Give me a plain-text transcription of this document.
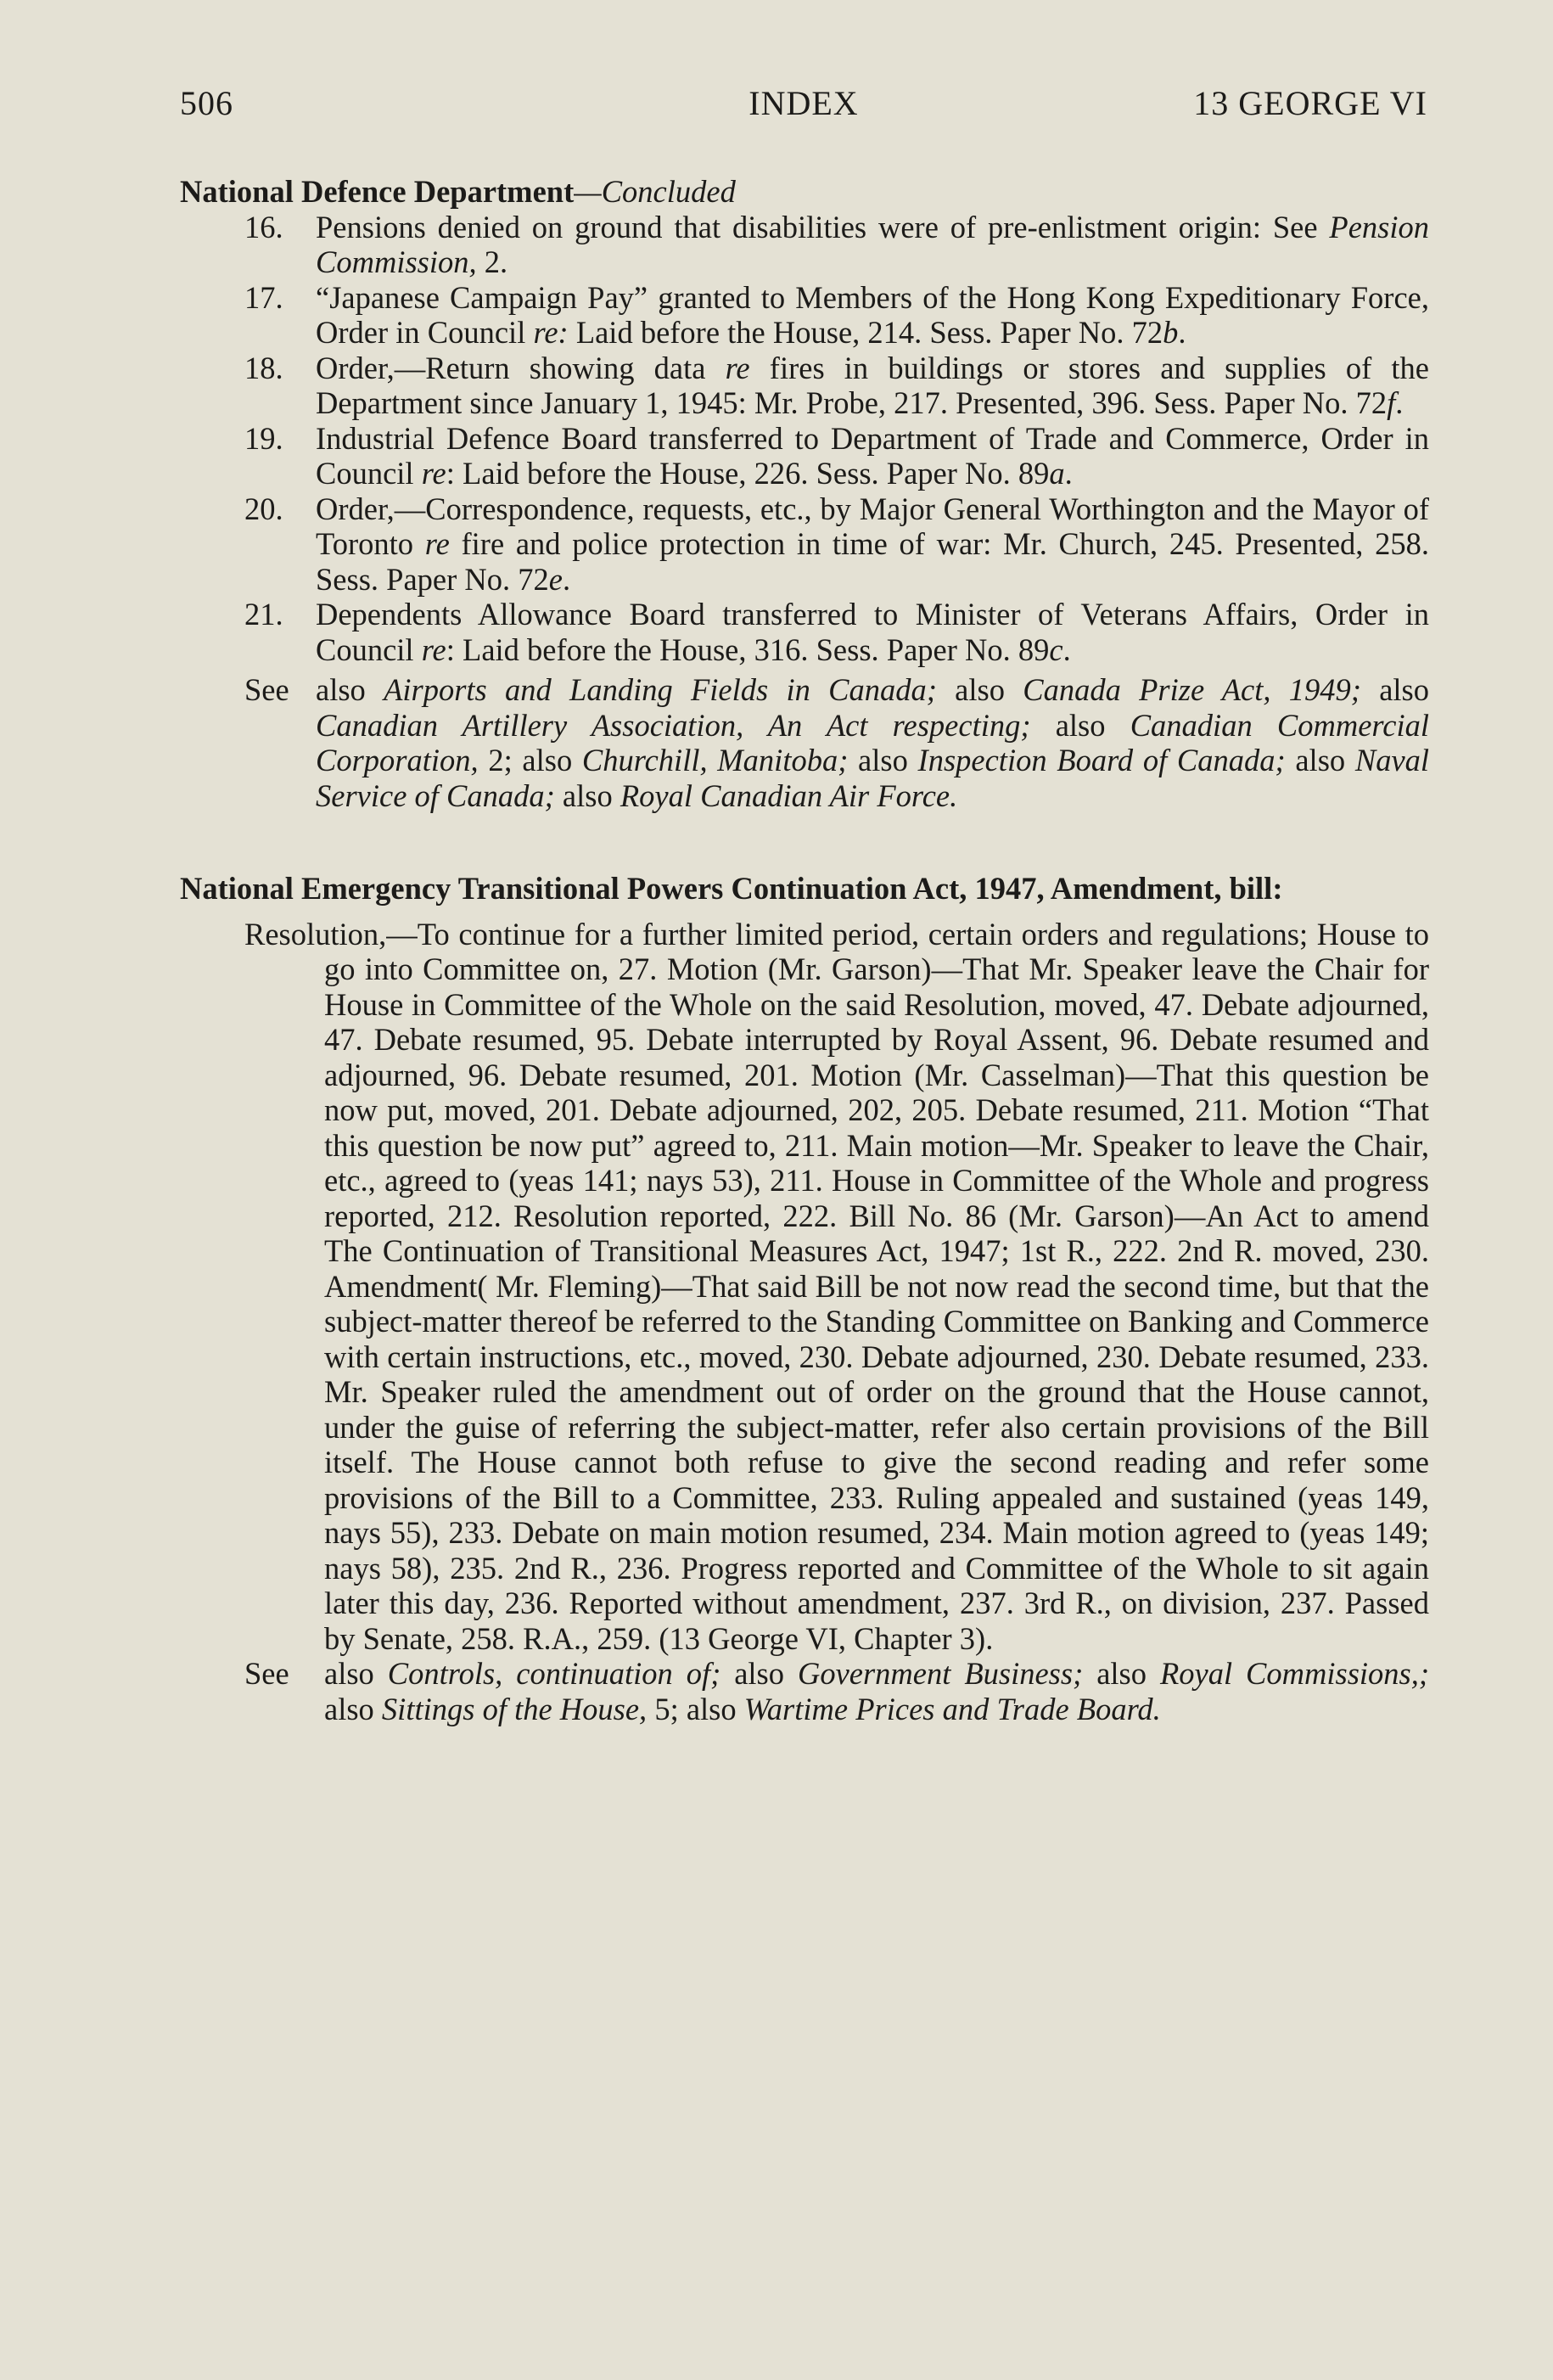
506	INDEX	13 GEORGE VI

National Defence Department—Concluded

16. Pensions denied on ground that disabilities were of pre-enlistment origin: See Pension Commission, 2.

17. “Japanese Campaign Pay” granted to Members of the Hong Kong Expeditionary Force, Order in Council re: Laid before the House, 214. Sess. Paper No. 72b.

18. Order,—Return showing data re fires in buildings or stores and supplies of the Department since January 1, 1945: Mr. Probe, 217. Presented, 396. Sess. Paper No. 72f.

19. Industrial Defence Board transferred to Department of Trade and Commerce, Order in Council re: Laid before the House, 226. Sess. Paper No. 89a.

20. Order,—Correspondence, requests, etc., by Major General Worthington and the Mayor of Toronto re fire and police protection in time of war: Mr. Church, 245. Presented, 258. Sess. Paper No. 72e.

21. Dependents Allowance Board transferred to Minister of Veterans Affairs, Order in Council re: Laid before the House, 316. Sess. Paper No. 89c.

See also Airports and Landing Fields in Canada; also Canada Prize Act, 1949; also Canadian Artillery Association, An Act respecting; also Canadian Commercial Corporation, 2; also Churchill, Manitoba; also Inspection Board of Canada; also Naval Service of Canada; also Royal Canadian Air Force.

National Emergency Transitional Powers Continuation Act, 1947, Amendment, bill:

Resolution,—To continue for a further limited period, certain orders and regulations; House to go into Committee on, 27. Motion (Mr. Garson)—That Mr. Speaker leave the Chair for House in Committee of the Whole on the said Resolution, moved, 47. Debate adjourned, 47. Debate resumed, 95. Debate interrupted by Royal Assent, 96. Debate resumed and adjourned, 96. Debate resumed, 201. Motion (Mr. Casselman)—That this question be now put, moved, 201. Debate adjourned, 202, 205. Debate resumed, 211. Motion “That this question be now put” agreed to, 211. Main motion—Mr. Speaker to leave the Chair, etc., agreed to (yeas 141; nays 53), 211. House in Committee of the Whole and progress reported, 212. Resolution reported, 222. Bill No. 86 (Mr. Garson)—An Act to amend The Continuation of Transitional Measures Act, 1947; 1st R., 222. 2nd R. moved, 230. Amendment( Mr. Fleming)—That said Bill be not now read the second time, but that the subject-matter thereof be referred to the Standing Committee on Banking and Commerce with certain instructions, etc., moved, 230. Debate adjourned, 230. Debate resumed, 233. Mr. Speaker ruled the amendment out of order on the ground that the House cannot, under the guise of referring the subject-matter, refer also certain provisions of the Bill itself. The House cannot both refuse to give the second reading and refer some provisions of the Bill to a Committee, 233. Ruling appealed and sustained (yeas 149, nays 55), 233. Debate on main motion resumed, 234. Main motion agreed to (yeas 149; nays 58), 235. 2nd R., 236. Progress reported and Committee of the Whole to sit again later this day, 236. Reported without amendment, 237. 3rd R., on division, 237. Passed by Senate, 258. R.A., 259. (13 George VI, Chapter 3).

See also Controls, continuation of; also Government Business; also Royal Commissions,; also Sittings of the House, 5; also Wartime Prices and Trade Board.
